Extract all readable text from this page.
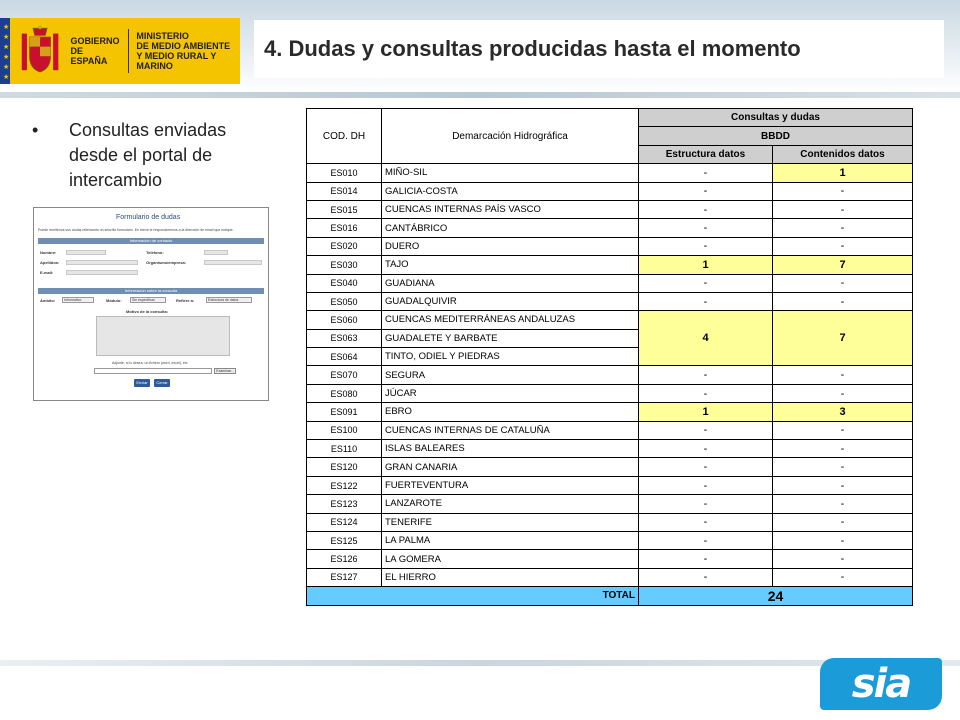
★
★
★
★
★
★
GOBIERNO
DE ESPAÑA
MINISTERIO
DE MEDIO AMBIENTE
Y MEDIO RURAL Y MARINO
4. Dudas y consultas producidas hasta el momento
• Consultas enviadas desde el portal de intercambio
Formulario de dudas
Puede remitirnos sus dudas rellenando un sencillo formulario. En breve le responderemos a la dirección de email que indique.
Información de contacto
Nombre:
Apellidos:
E-mail:
Teléfono:
Organismo/empresa:
Información sobre la consulta
Ámbito:	Informativo	Módulo:	Sin especificar	Refiere a:	Estructura de datos
Motivo de la consulta:
Adjunte, si lo desea, un fichero (word, excel), etc
Examinar...
Enviar	Cerrar
COD. DH	Demarcación Hidrográfica	Consultas y dudas	
		BBDD	
		Estructura datos	Contenidos datos
ES010	MIÑO-SIL	-	1
ES014	GALICIA-COSTA	-	-
ES015	CUENCAS INTERNAS PAÍS VASCO	-	-
ES016	CANTÁBRICO	-	-
ES020	DUERO	-	-
ES030	TAJO	1	7
ES040	GUADIANA	-	-
ES050	GUADALQUIVIR	-	-
ES060	CUENCAS MEDITERRÁNEAS ANDALUZAS	4	7
ES063	GUADALETE Y BARBATE		
ES064	TINTO, ODIEL Y PIEDRAS		
ES070	SEGURA	-	-
ES080	JÚCAR	-	-
ES091	EBRO	1	3
ES100	CUENCAS INTERNAS DE CATALUÑA	-	-
ES110	ISLAS BALEARES	-	-
ES120	GRAN CANARIA	-	-
ES122	FUERTEVENTURA	-	-
ES123	LANZAROTE	-	-
ES124	TENERIFE	-	-
ES125	LA PALMA	-	-
ES126	LA GOMERA	-	-
ES127	EL HIERRO	-	-
TOTAL		24	
sia
